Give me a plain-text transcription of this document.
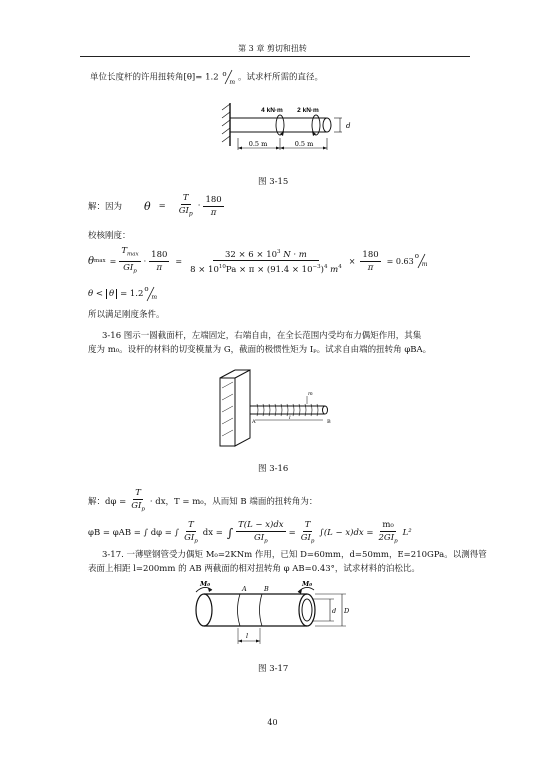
第 3 章 剪切和扭转
单位长度杆的许用扭转角[θ]= 1.2 o
m 。试求杆所需的直径。
4 kN·m 2 kN·m
d
0.5 m	0.5 m
图 3-15
解：因为 $\theta = \frac{T}{GI_p} \cdot \frac{180}{\pi}$
校核刚度：
θ $\max = \frac{T_{max}}{GI_p} \cdot \frac{180}{\pi} = \frac{32 \times 6 \times 10^3 N \cdot m}{8 \times 10^{10}Pa \times \pi \times (91.4 \times 10^{-3})^4 m^4} \times \frac{180}{\pi} = 0.63$
o
m
θ < θ = 1.2 o
m
所以满足刚度条件。
3-16 图示一圆截面杆，左端固定，右端自由，在全长范围内受均布力偶矩作用，其集
度为 m₀。设杆的材料的切变模量为 G，截面的极惯性矩为 Iₚ。试求自由端的扭转角 φBA。
m
A	B
l
图 3-16
解：$d\varphi = \frac{T}{GI_p}$ · dx，T = m₀，从而知 B 端面的扭转角为：
φB = φAB = ∫ dφ = ∫ $\frac{T}{GI_p}$ dx = ∫ $\frac{T(L - x)dx}{GI_p} = \frac{T}{GI_p} \int(L - x)dx = \frac{\text{m₀}}{2GI_p} L^2$
3-17. 一薄壁钢管受力偶矩 M₀=2KNm 作用，已知 D=60mm，d=50mm，E=210GPa。以测得管
表面上相距 l=200mm 的 AB 两截面的相对扭转角 φ AB=0.43°，试求材料的泊松比。
M₀	M₀
A	B
d D
l
图 3-17
40
